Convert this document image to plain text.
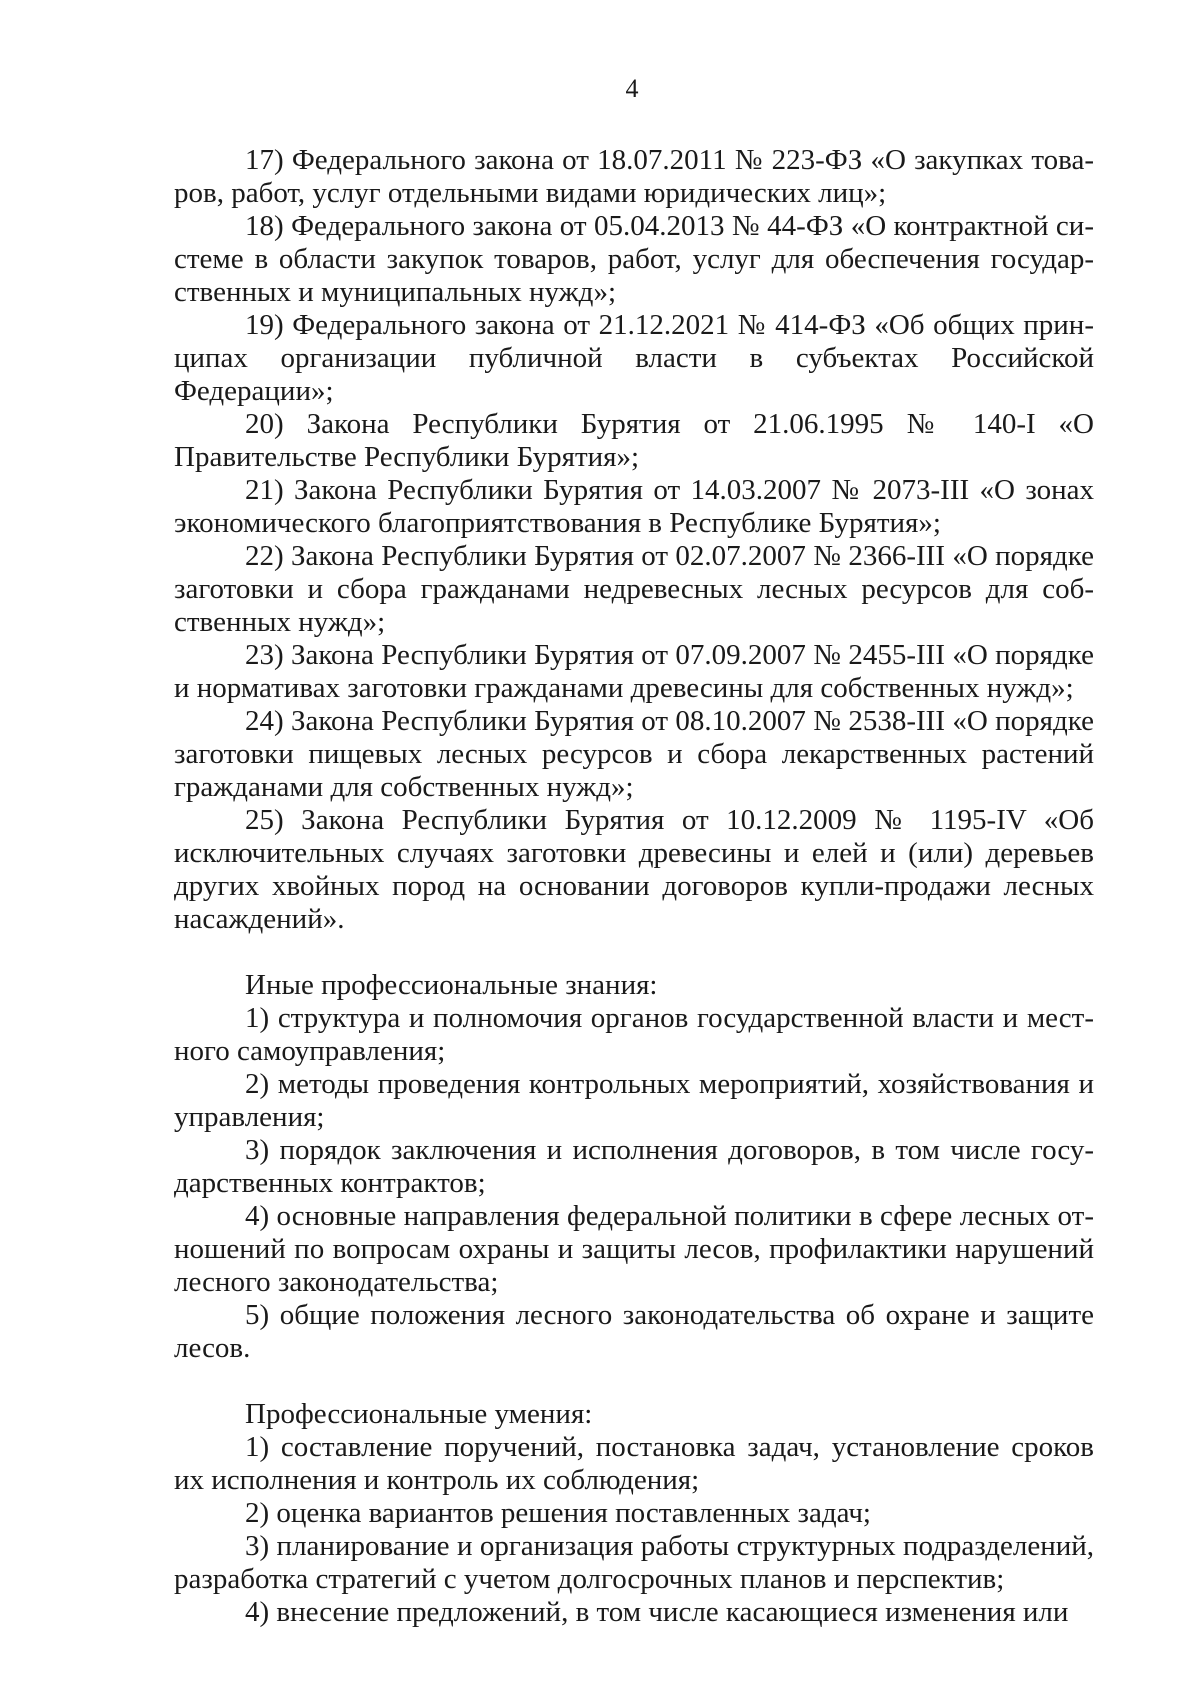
4

17) Федерального закона от 18.07.2011 № 223-ФЗ «О закупках товаров, работ, услуг отдельными видами юридических лиц»;

18) Федерального закона от 05.04.2013 № 44-ФЗ «О контрактной системе в области закупок товаров, работ, услуг для обеспечения государственных и муниципальных нужд»;

19) Федерального закона от 21.12.2021 № 414-ФЗ «Об общих принципах организации публичной власти в субъектах Российской Федерации»;

20) Закона Республики Бурятия от 21.06.1995 № 140-I «О Правительстве Республики Бурятия»;

21) Закона Республики Бурятия от 14.03.2007 № 2073-III «О зонах экономического благоприятствования в Республике Бурятия»;

22) Закона Республики Бурятия от 02.07.2007 № 2366-III «О порядке заготовки и сбора гражданами недревесных лесных ресурсов для собственных нужд»;

23) Закона Республики Бурятия от 07.09.2007 № 2455-III «О порядке и нормативах заготовки гражданами древесины для собственных нужд»;

24) Закона Республики Бурятия от 08.10.2007 № 2538-III «О порядке заготовки пищевых лесных ресурсов и сбора лекарственных растений гражданами для собственных нужд»;

25) Закона Республики Бурятия от 10.12.2009 № 1195-IV «Об исключительных случаях заготовки древесины и елей и (или) деревьев других хвойных пород на основании договоров купли-продажи лесных насаждений».

Иные профессиональные знания:

1) структура и полномочия органов государственной власти и местного самоуправления;

2) методы проведения контрольных мероприятий, хозяйствования и управления;

3) порядок заключения и исполнения договоров, в том числе государственных контрактов;

4) основные направления федеральной политики в сфере лесных отношений по вопросам охраны и защиты лесов, профилактики нарушений лесного законодательства;

5) общие положения лесного законодательства об охране и защите лесов.

Профессиональные умения:

1) составление поручений, постановка задач, установление сроков их исполнения и контроль их соблюдения;

2) оценка вариантов решения поставленных задач;

3) планирование и организация работы структурных подразделений, разработка стратегий с учетом долгосрочных планов и перспектив;

4) внесение предложений, в том числе касающиеся изменения или
